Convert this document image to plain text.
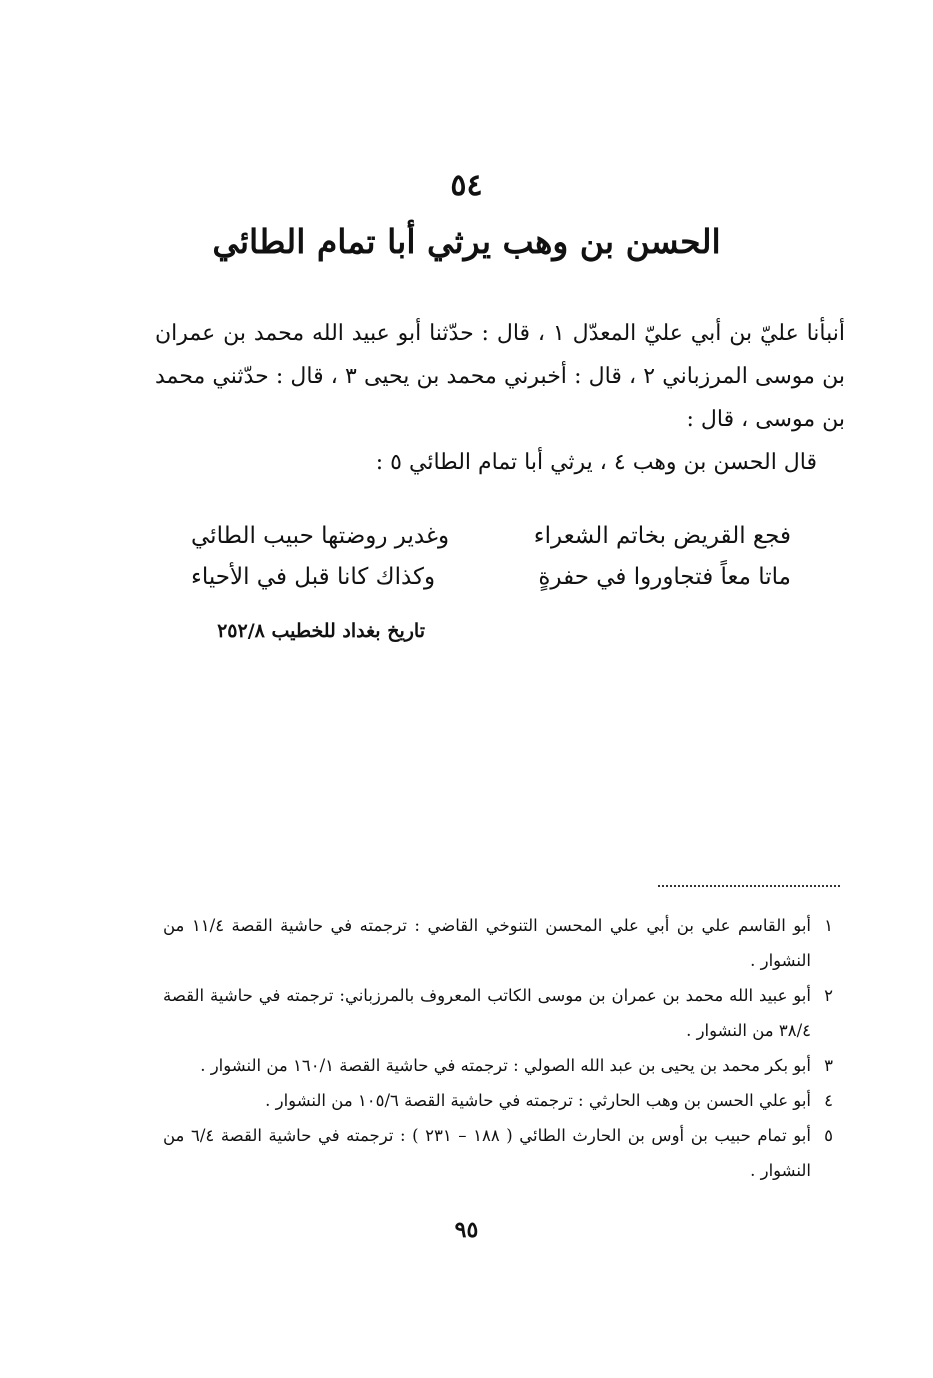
٥٤
الحسن بن وهب يرثي أبا تمام الطائي

أنبأنا عليّ بن أبي عليّ المعدّل ١ ، قال : حدّثنا أبو عبيد الله محمد بن عمران بن موسى المرزباني ٢ ، قال : أخبرني محمد بن يحيى ٣ ، قال : حدّثني محمد بن موسى ، قال :

قال الحسن بن وهب ٤ ، يرثي أبا تمام الطائي ٥ :

فجع القريض بخاتم الشعراء
وغدير روضتها حبيب الطائي
ماتا معاً فتجاوروا في حفرةٍ
وكذاك كانا قبل في الأحياء
تاريخ بغداد للخطيب ٢٥٢/٨
١
أبو القاسم علي بن أبي علي المحسن التنوخي القاضي : ترجمته في حاشية القصة ١١/٤ من النشوار .
٢
أبو عبيد الله محمد بن عمران بن موسى الكاتب المعروف بالمرزباني: ترجمته في حاشية القصة ٣٨/٤ من النشوار .
٣
أبو بكر محمد بن يحيى بن عبد الله الصولي : ترجمته في حاشية القصة ١٦٠/١ من النشوار .
٤
أبو علي الحسن بن وهب الحارثي : ترجمته في حاشية القصة ١٠٥/٦ من النشوار .
٥
أبو تمام حبيب بن أوس بن الحارث الطائي ( ١٨٨ – ٢٣١ ) : ترجمته في حاشية القصة ٦/٤ من النشوار .
٩٥
